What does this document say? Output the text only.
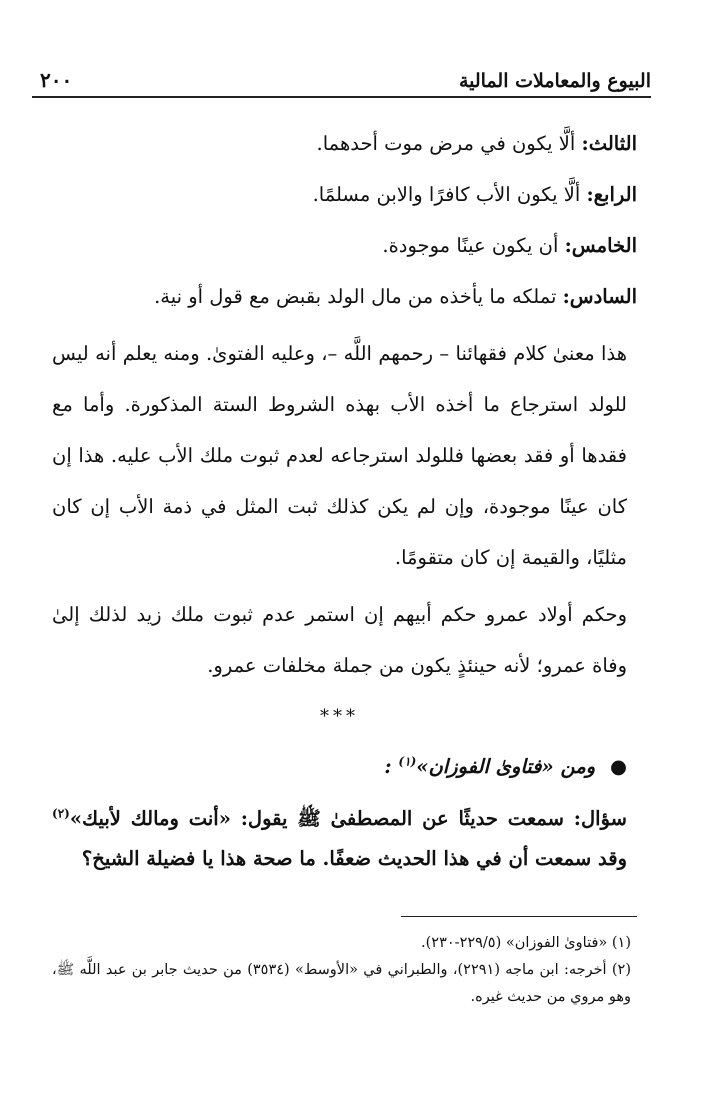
البيوع والمعاملات المالية
٢٠٠
الثالث: ألَّا يكون في مرض موت أحدهما.
الرابع: ألَّا يكون الأب كافرًا والابن مسلمًا.
الخامس: أن يكون عينًا موجودة.
السادس: تملكه ما يأخذه من مال الولد بقبض مع قول أو نية.
هذا معنىٰ كلام فقهائنا – رحمهم اللَّه –، وعليه الفتوىٰ. ومنه يعلم أنه ليس للولد استرجاع ما أخذه الأب بهذه الشروط الستة المذكورة. وأما مع فقدها أو فقد بعضها فللولد استرجاعه لعدم ثبوت ملك الأب عليه. هذا إن كان عينًا موجودة، وإن لم يكن كذلك ثبت المثل في ذمة الأب إن كان مثليًا، والقيمة إن كان متقومًا.
وحكم أولاد عمرو حكم أبيهم إن استمر عدم ثبوت ملك زيد لذلك إلىٰ وفاة عمرو؛ لأنه حينئذٍ يكون من جملة مخلفات عمرو.
***
● ومن «فتاوىٰ الفوزان»$^{(١)}$ :
سؤال: سمعت حديثًا عن المصطفىٰ ﷺ يقول: «أنت ومالك لأبيك»$^{(٢)}$ وقد سمعت أن في هذا الحديث ضعفًا. ما صحة هذا يا فضيلة الشيخ؟
(١) «فتاوىٰ الفوزان» (٢٢٩/٥-٢٣٠).
(٢) أخرجه: ابن ماجه (٢٢٩١)، والطبراني في «الأوسط» (٣٥٣٤) من حديث جابر بن عبد اللَّه ﷺ، وهو مروي من حديث غيره.
